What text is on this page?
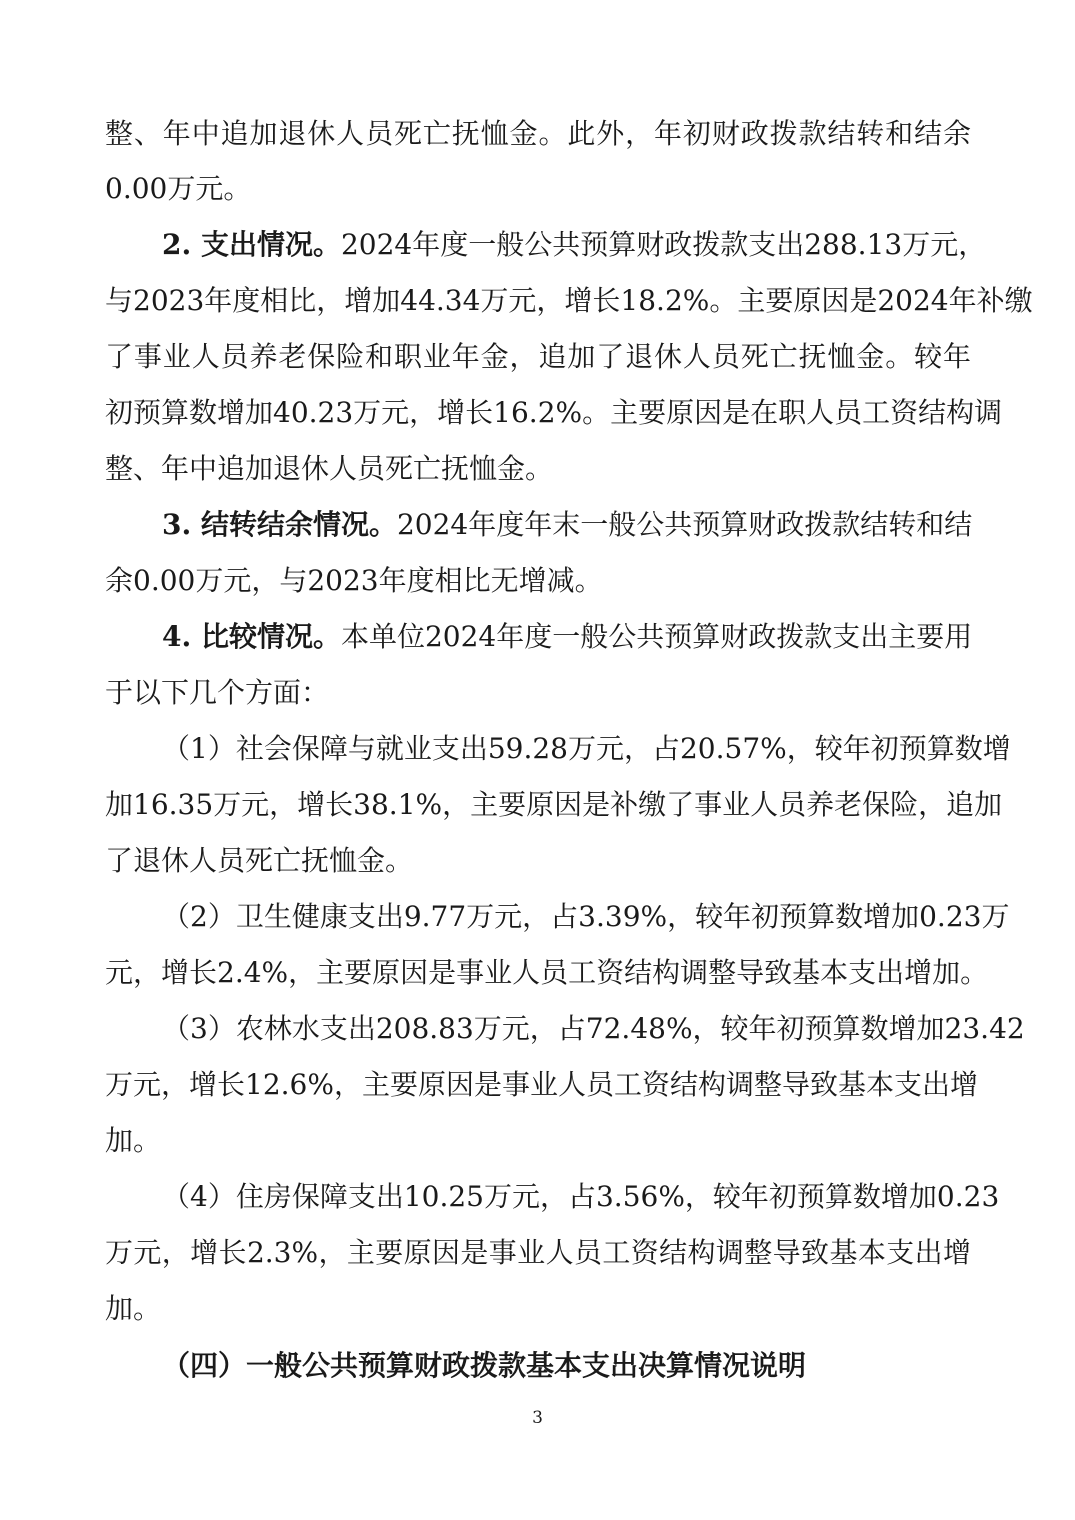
整、年中追加退休人员死亡抚恤金。此外，年初财政拨款结转和结余
0.00万元。
2. 支出情况。2024年度一般公共预算财政拨款支出288.13万元，
与2023年度相比，增加44.34万元，增长18.2%。主要原因是2024年补缴
了事业人员养老保险和职业年金，追加了退休人员死亡抚恤金。较年
初预算数增加40.23万元，增长16.2%。主要原因是在职人员工资结构调
整、年中追加退休人员死亡抚恤金。
3. 结转结余情况。2024年度年末一般公共预算财政拨款结转和结
余0.00万元，与2023年度相比无增减。
4. 比较情况。本单位2024年度一般公共预算财政拨款支出主要用
于以下几个方面：
（1）社会保障与就业支出59.28万元，占20.57%，较年初预算数增
加16.35万元，增长38.1%，主要原因是补缴了事业人员养老保险，追加
了退休人员死亡抚恤金。
（2）卫生健康支出9.77万元，占3.39%，较年初预算数增加0.23万
元，增长2.4%，主要原因是事业人员工资结构调整导致基本支出增加。
（3）农林水支出208.83万元，占72.48%，较年初预算数增加23.42
万元，增长12.6%，主要原因是事业人员工资结构调整导致基本支出增
加。
（4）住房保障支出10.25万元，占3.56%，较年初预算数增加0.23
万元，增长2.3%，主要原因是事业人员工资结构调整导致基本支出增
加。
（四）一般公共预算财政拨款基本支出决算情况说明
3
